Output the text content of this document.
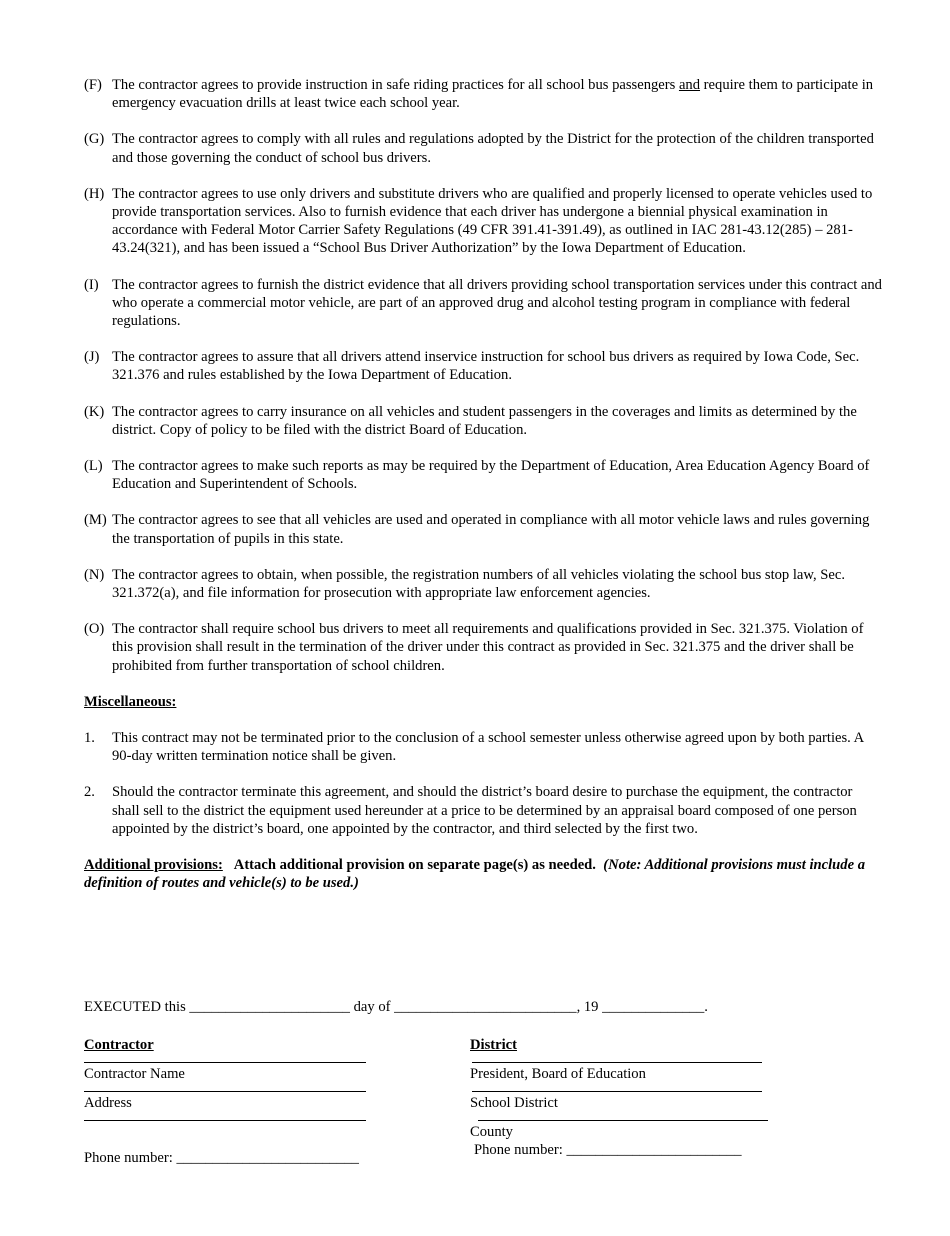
(F) The contractor agrees to provide instruction in safe riding practices for all school bus passengers and require them to participate in emergency evacuation drills at least twice each school year.
(G) The contractor agrees to comply with all rules and regulations adopted by the District for the protection of the children transported and those governing the conduct of school bus drivers.
(H) The contractor agrees to use only drivers and substitute drivers who are qualified and properly licensed to operate vehicles used to provide transportation services. Also to furnish evidence that each driver has undergone a biennial physical examination in accordance with Federal Motor Carrier Safety Regulations (49 CFR 391.41-391.49), as outlined in IAC 281-43.12(285) – 281-43.24(321), and has been issued a “School Bus Driver Authorization” by the Iowa Department of Education.
(I) The contractor agrees to furnish the district evidence that all drivers providing school transportation services under this contract and who operate a commercial motor vehicle, are part of an approved drug and alcohol testing program in compliance with federal regulations.
(J) The contractor agrees to assure that all drivers attend inservice instruction for school bus drivers as required by Iowa Code, Sec. 321.376 and rules established by the Iowa Department of Education.
(K) The contractor agrees to carry insurance on all vehicles and student passengers in the coverages and limits as determined by the district. Copy of policy to be filed with the district Board of Education.
(L) The contractor agrees to make such reports as may be required by the Department of Education, Area Education Agency Board of Education and Superintendent of Schools.
(M) The contractor agrees to see that all vehicles are used and operated in compliance with all motor vehicle laws and rules governing the transportation of pupils in this state.
(N) The contractor agrees to obtain, when possible, the registration numbers of all vehicles violating the school bus stop law, Sec. 321.372(a), and file information for prosecution with appropriate law enforcement agencies.
(O) The contractor shall require school bus drivers to meet all requirements and qualifications provided in Sec. 321.375. Violation of this provision shall result in the termination of the driver under this contract as provided in Sec. 321.375 and the driver shall be prohibited from further transportation of school children.
Miscellaneous:
1.	This contract may not be terminated prior to the conclusion of a school semester unless otherwise agreed upon by both parties. A 90-day written termination notice shall be given.
2.	Should the contractor terminate this agreement, and should the district’s board desire to purchase the equipment, the contractor shall sell to the district the equipment used hereunder at a price to be determined by an appraisal board composed of one person appointed by the district’s board, one appointed by the contractor, and third selected by the first two.
Additional provisions: Attach additional provision on separate page(s) as needed. (Note: Additional provisions must include a definition of routes and vehicle(s) to be used.)
EXECUTED this ______________________ day of _________________________, 19 ______________.
Contractor
Contractor Name
Address
Phone number: _________________________
District
President, Board of Education
School District
County
Phone number: ________________________
